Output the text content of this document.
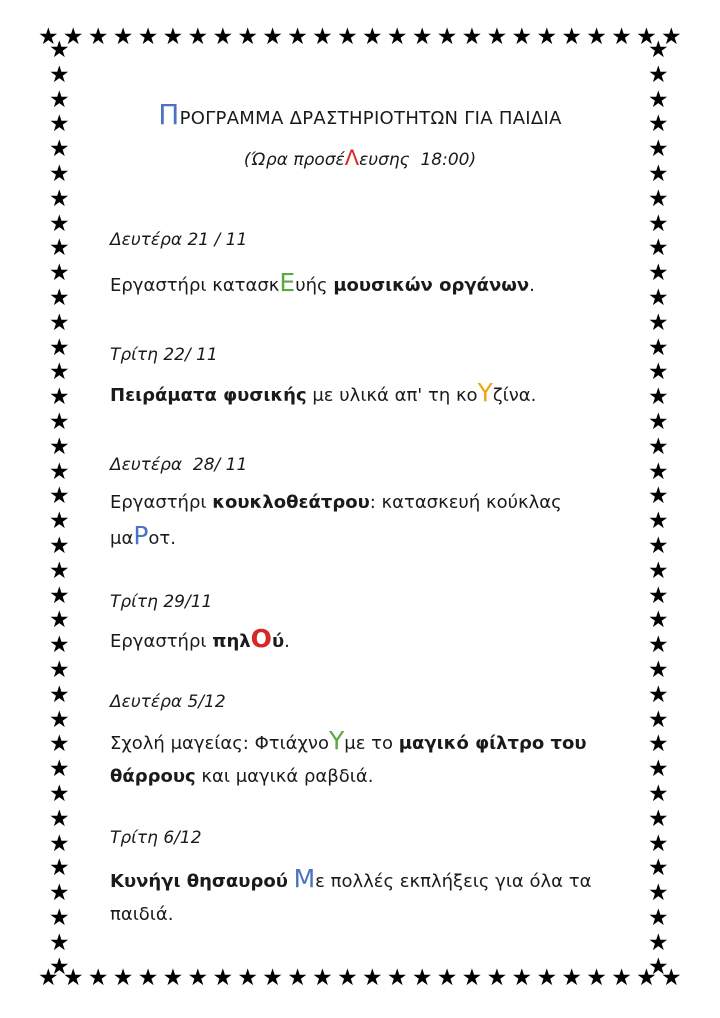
★ ★ ★ ★ ★ ★ ★ ★ ★ ★ ★ ★ ★ ★ ★ ★ ★ ★ ★ ★ ★ ★ ★ ★ ★ ★
★ ★ ★ ★ ★ ★ ★ ★ ★ ★ ★ ★ ★ ★ ★ ★ ★ ★ ★ ★ ★ ★ ★ ★ ★ ★
★
★
★
★
★
★
★
★
★
★
★
★
★
★
★
★
★
★
★
★
★
★
★
★
★
★
★
★
★
★
★
★
★
★
★
★
★
★
★
★
★
★
★
★
★
★
★
★
★
★
★
★
★
★
★
★
★
★
★
★
★
★
★
★
★
★
★
★
★
★
★
★
★
★
★
★
ΠΡΟΓΡΑΜΜΑ ΔΡΑΣΤΗΡΙΟΤΗΤΩΝ ΓΙΑ ΠΑΙΔΙΑ
(Ώρα προσέΛευσης  18:00)
Δευτέρα 21 / 11
Εργαστήρι κατασκΕυής μουσικών οργάνων.
Τρίτη 22/ 11
Πειράματα φυσικής με υλικά απ' τη κοΥζίνα.
Δευτέρα  28/ 11
Εργαστήρι κουκλοθεάτρου: κατασκευή κούκλας
μαΡοτ.
Τρίτη 29/11
Εργαστήρι πηλΟύ.
Δευτέρα 5/12
Σχολή μαγείας: ΦτιάχνοΥμε το μαγικό φίλτρο του
θάρρους και μαγικά ραβδιά.
Τρίτη 6/12
Κυνήγι θησαυρού Με πολλές εκπλήξεις για όλα τα
παιδιά.
